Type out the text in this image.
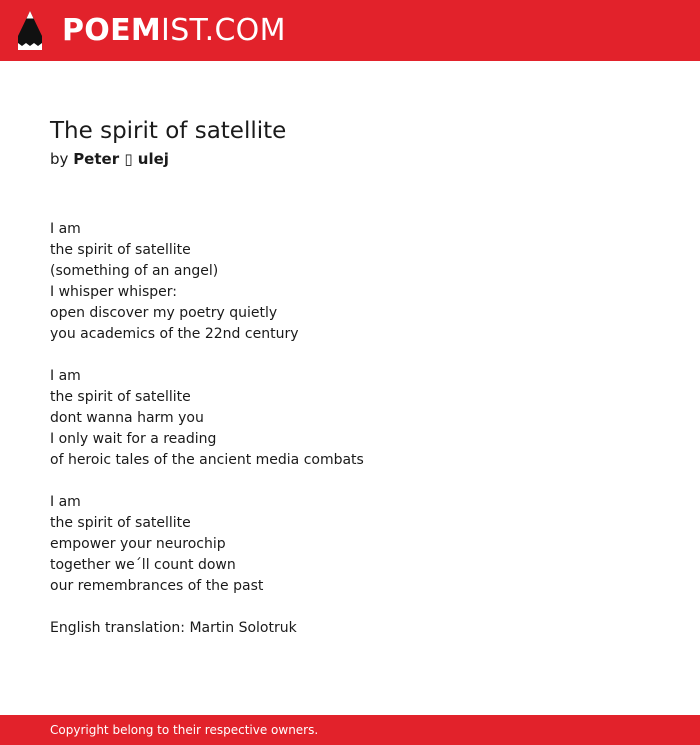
POEMIST.COM
The spirit of satellite
by Peter ▯ ulej
I am
the spirit of satellite
(something of an angel)
I whisper whisper:
open discover my poetry quietly
you academics of the 22nd century
I am
the spirit of satellite
dont wanna harm you
I only wait for a reading
of heroic tales of the ancient media combats
I am
the spirit of satellite
empower your neurochip
together we´ll count down
our remembrances of the past
English translation: Martin Solotruk
Copyright belong to their respective owners.
